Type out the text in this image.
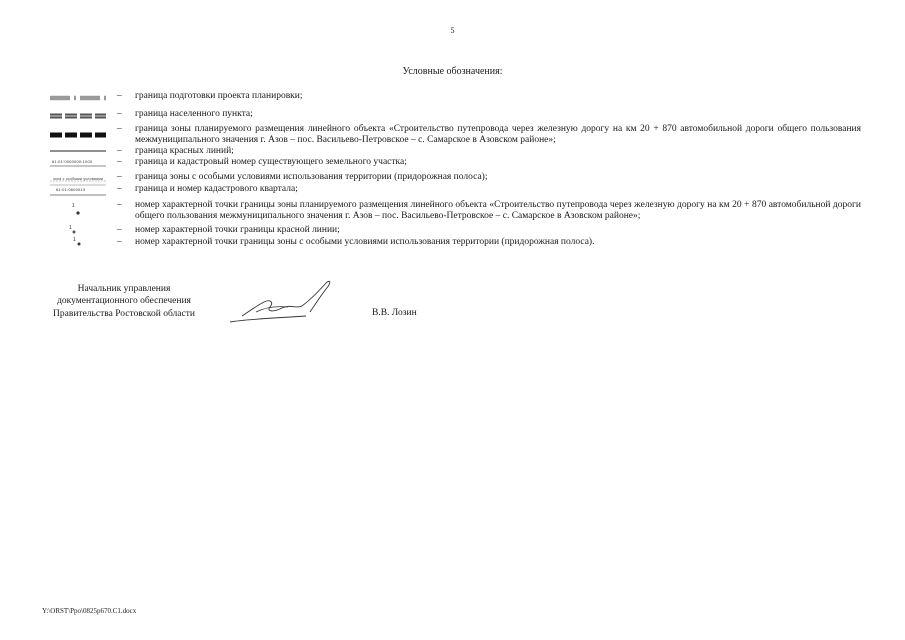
5
Условные обозначения:
– граница подготовки проекта планировки;
– граница населенного пункта;
– граница зоны планируемого размещения линейного объекта «Строительство путепровода через железную дорогу на км 20 + 870 автомобильной дороги общего пользования межмуниципального значения г. Азов – пос. Васильево-Петровское – с. Самарское в Азовском районе»;
– граница красных линий;
61:01:0000000:1000	– граница и кадастровый номер существующего земельного участка;
зона с особыми условиями – граница зоны с особыми условиями использования территории (придорожная полоса);
61:01:0600013	– граница и номер кадастрового квартала;
1	– номер характерной точки границы зоны планируемого размещения линейного объекта «Строительство путепровода через железную дорогу на км 20 + 870 автомобильной дороги общего пользования межмуниципального значения г. Азов – пос. Васильево-Петровское – с. Самарское в Азовском районе»;
1	– номер характерной точки границы красной линии;
1	– номер характерной точки границы зоны с особыми условиями использования территории (придорожная полоса).
Начальник управления
документационного обеспечения
Правительства Ростовской области	В.В. Лозин
Y:\ORST\Ppo\0825p670.C1.docx
